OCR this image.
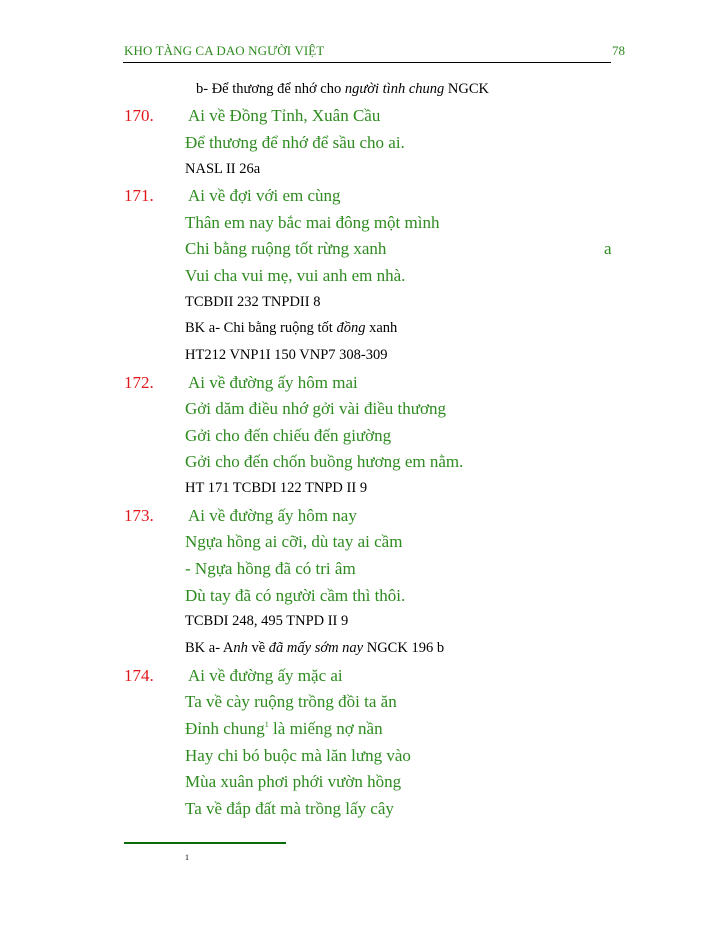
KHO TÀNG CA DAO NGƯỜI VIỆT	78
b- Để thương để nhớ cho người tình chung NGCK
170. Ai về Đồng Tỉnh, Xuân Cầu
Để thương để nhớ để sầu cho ai.
NASL II 26a
171. Ai về đợi với em cùng
Thân em nay bắc mai đông một mình
Chi bằng ruộng tốt rừng xanh	a
Vui cha vui mẹ, vui anh em nhà.
TCBDII 232 TNPDII 8
BK a- Chi bằng ruộng tốt đồng xanh
HT212 VNP1I 150 VNP7 308-309
172. Ai về đường ấy hôm mai
Gởi dăm điều nhớ gởi vài điều thương
Gởi cho đến chiếu đến giường
Gởi cho đến chốn buồng hương em nằm.
HT 171 TCBDI 122 TNPD II 9
173. Ai về đường ấy hôm nay
Ngựa hồng ai cỡi, dù tay ai cầm
- Ngựa hồng đã có tri âm
Dù tay đã có người cầm thì thôi.
TCBDI 248, 495 TNPD II 9
BK a- Anh về đã mấy sớm nay NGCK 196 b
174. Ai về đường ấy mặc ai
Ta về cày ruộng trồng đồi ta ăn
Đỉnh chung$^1$ là miếng nợ nần
Hay chi bó buộc mà lăn lưng vào
Mùa xuân phơi phới vườn hồng
Ta về đắp đất mà trồng lấy cây
1
